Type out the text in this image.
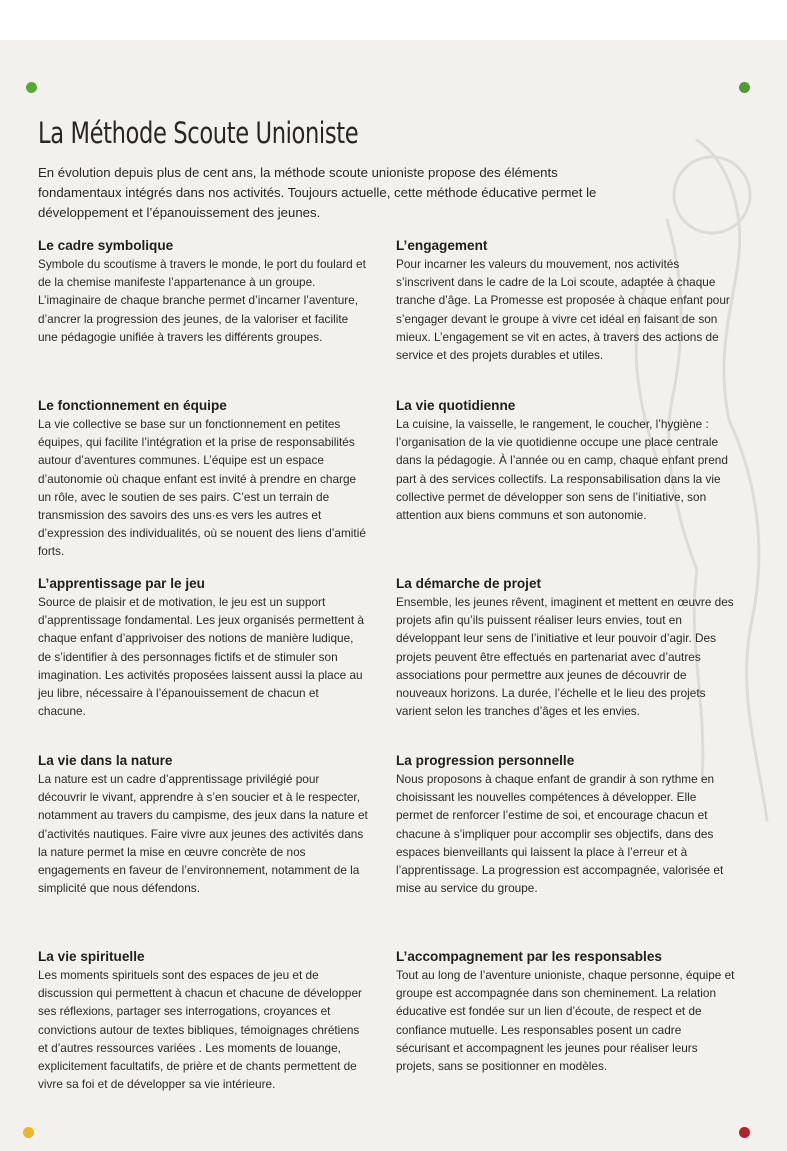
La Méthode Scoute Unioniste
En évolution depuis plus de cent ans, la méthode scoute unioniste propose des éléments fondamentaux intégrés dans nos activités. Toujours actuelle, cette méthode éducative permet le développement et l’épanouissement des jeunes.
Le cadre symbolique

Symbole du scoutisme à travers le monde, le port du foulard et de la chemise manifeste l’appartenance à un groupe. L’imaginaire de chaque branche permet d’incarner l’aventure, d’ancrer la progression des jeunes, de la valoriser et facilite une pédagogie unifiée à travers les différents groupes.

Le fonctionnement en équipe

La vie collective se base sur un fonctionnement en petites équipes, qui facilite l’intégration et la prise de responsabilités autour d’aventures communes. L’équipe est un espace d’autonomie où chaque enfant est invité à prendre en charge un rôle, avec le soutien de ses pairs. C’est un terrain de transmission des savoirs des uns·es vers les autres et d’expression des individualités, où se nouent des liens d’amitié forts.

L’apprentissage par le jeu

Source de plaisir et de motivation, le jeu est un support d’apprentissage fondamental. Les jeux organisés permettent à chaque enfant d’apprivoiser des notions de manière ludique, de s’identifier à des personnages fictifs et de stimuler son imagination. Les activités proposées laissent aussi la place au jeu libre, nécessaire à l’épanouissement de chacun et chacune.

La vie dans la nature

La nature est un cadre d’apprentissage privilégié pour découvrir le vivant, apprendre à s’en soucier et à le respecter, notamment au travers du campisme, des jeux dans la nature et d’activités nautiques. Faire vivre aux jeunes des activités dans la nature permet la mise en œuvre concrète de nos engagements en faveur de l’environnement, notamment de la simplicité que nous défendons.

La vie spirituelle

Les moments spirituels sont des espaces de jeu et de discussion qui permettent à chacun et chacune de développer ses réflexions, partager ses interrogations, croyances et convictions autour de textes bibliques, témoignages chrétiens et d’autres ressources variées . Les moments de louange, explicitement facultatifs, de prière et de chants permettent de vivre sa foi et de développer sa vie intérieure.

L’engagement

Pour incarner les valeurs du mouvement, nos activités s’inscrivent dans le cadre de la Loi scoute, adaptée à chaque tranche d’âge. La Promesse est proposée à chaque enfant pour s’engager devant le groupe à vivre cet idéal en faisant de son mieux. L’engagement se vit en actes, à travers des actions de service et des projets durables et utiles.

La vie quotidienne

La cuisine, la vaisselle, le rangement, le coucher, l’hygiène : l’organisation de la vie quotidienne occupe une place centrale dans la pédagogie. À l’année ou en camp, chaque enfant prend part à des services collectifs. La responsabilisation dans la vie collective permet de développer son sens de l’initiative, son attention aux biens communs et son autonomie.

La démarche de projet

Ensemble, les jeunes rêvent, imaginent et mettent en œuvre des projets afin qu’ils puissent réaliser leurs envies, tout en développant leur sens de l’initiative et leur pouvoir d’agir. Des projets peuvent être effectués en partenariat avec d’autres associations pour permettre aux jeunes de découvrir de nouveaux horizons. La durée, l’échelle et le lieu des projets varient selon les tranches d’âges et les envies.

La progression personnelle

Nous proposons à chaque enfant de grandir à son rythme en choisissant les nouvelles compétences à développer. Elle permet de renforcer l’estime de soi, et encourage chacun et chacune à s’impliquer pour accomplir ses objectifs, dans des espaces bienveillants qui laissent la place à l’erreur et à l’apprentissage. La progression est accompagnée, valorisée et mise au service du groupe.

L’accompagnement par les responsables

Tout au long de l’aventure unioniste, chaque personne, équipe et groupe est accompagnée dans son cheminement. La relation éducative est fondée sur un lien d’écoute, de respect et de confiance mutuelle. Les responsables posent un cadre sécurisant et accompagnent les jeunes pour réaliser leurs projets, sans se positionner en modèles.
